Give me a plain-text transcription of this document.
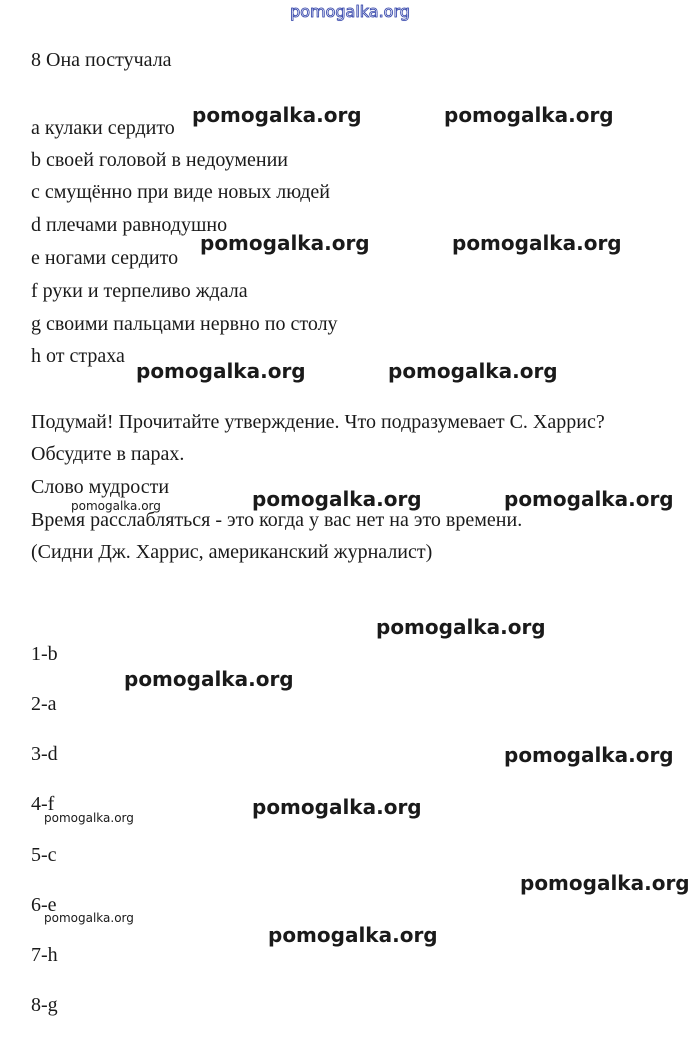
pomogalka.org
8 Она постучала
a кулаки сердито
b своей головой в недоумении
c смущённо при виде новых людей
d плечами равнодушно
e ногами сердито
f руки и терпеливо ждала
g своими пальцами нервно по столу
h от страха
Подумай! Прочитайте утверждение. Что подразумевает С. Харрис?
Обсудите в парах.
Слово мудрости
Время расслабляться - это когда у вас нет на это времени.
(Сидни Дж. Харрис, американский журналист)
1-b
2-a
3-d
4-f
5-c
6-e
7-h
8-g
pomogalka.org	pomogalka.org
pomogalka.org	pomogalka.org
pomogalka.org	pomogalka.org
pomogalka.org	pomogalka.org
pomogalka.org
pomogalka.org
pomogalka.org
pomogalka.org
pomogalka.org
pomogalka.org
pomogalka.org
pomogalka.org
pomogalka.org
